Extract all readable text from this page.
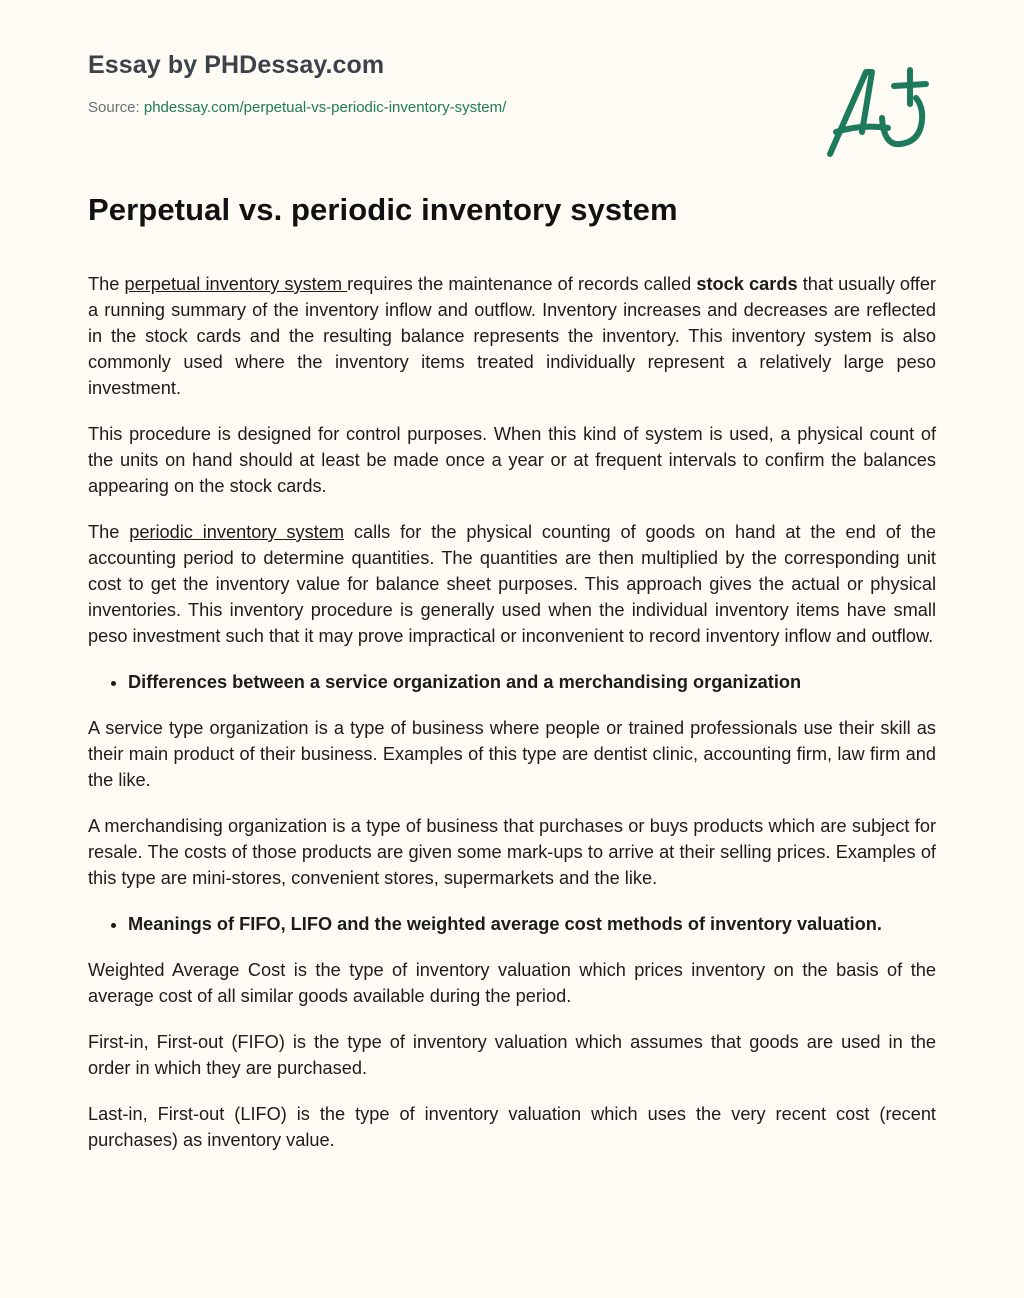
Essay by PHDessay.com
Source: phdessay.com/perpetual-vs-periodic-inventory-system/
Perpetual vs. periodic inventory system

The perpetual inventory system requires the maintenance of records called stock cards that usually offer a running summary of the inventory inflow and outflow. Inventory increases and decreases are reflected in the stock cards and the resulting balance represents the inventory. This inventory system is also commonly used where the inventory items treated individually represent a relatively large peso investment.

This procedure is designed for control purposes. When this kind of system is used, a physical count of the units on hand should at least be made once a year or at frequent intervals to confirm the balances appearing on the stock cards.

The periodic inventory system calls for the physical counting of goods on hand at the end of the accounting period to determine quantities. The quantities are then multiplied by the corresponding unit cost to get the inventory value for balance sheet purposes. This approach gives the actual or physical inventories. This inventory procedure is generally used when the individual inventory items have small peso investment such that it may prove impractical or inconvenient to record inventory inflow and outflow.

• Differences between a service organization and a merchandising organization

A service type organization is a type of business where people or trained professionals use their skill as their main product of their business. Examples of this type are dentist clinic, accounting firm, law firm and the like.

A merchandising organization is a type of business that purchases or buys products which are subject for resale. The costs of those products are given some mark-ups to arrive at their selling prices. Examples of this type are mini-stores, convenient stores, supermarkets and the like.

• Meanings of FIFO, LIFO and the weighted average cost methods of inventory valuation.

Weighted Average Cost is the type of inventory valuation which prices inventory on the basis of the average cost of all similar goods available during the period.

First-in, First-out (FIFO) is the type of inventory valuation which assumes that goods are used in the order in which they are purchased.

Last-in, First-out (LIFO) is the type of inventory valuation which uses the very recent cost (recent purchases) as inventory value.
